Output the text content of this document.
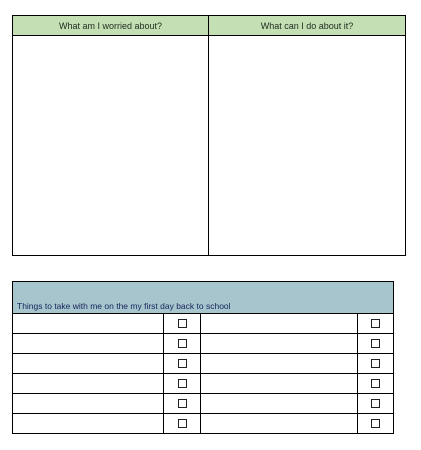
What am I worried about?	What can I do about it?

Things to take with me on the my first day back to school			
